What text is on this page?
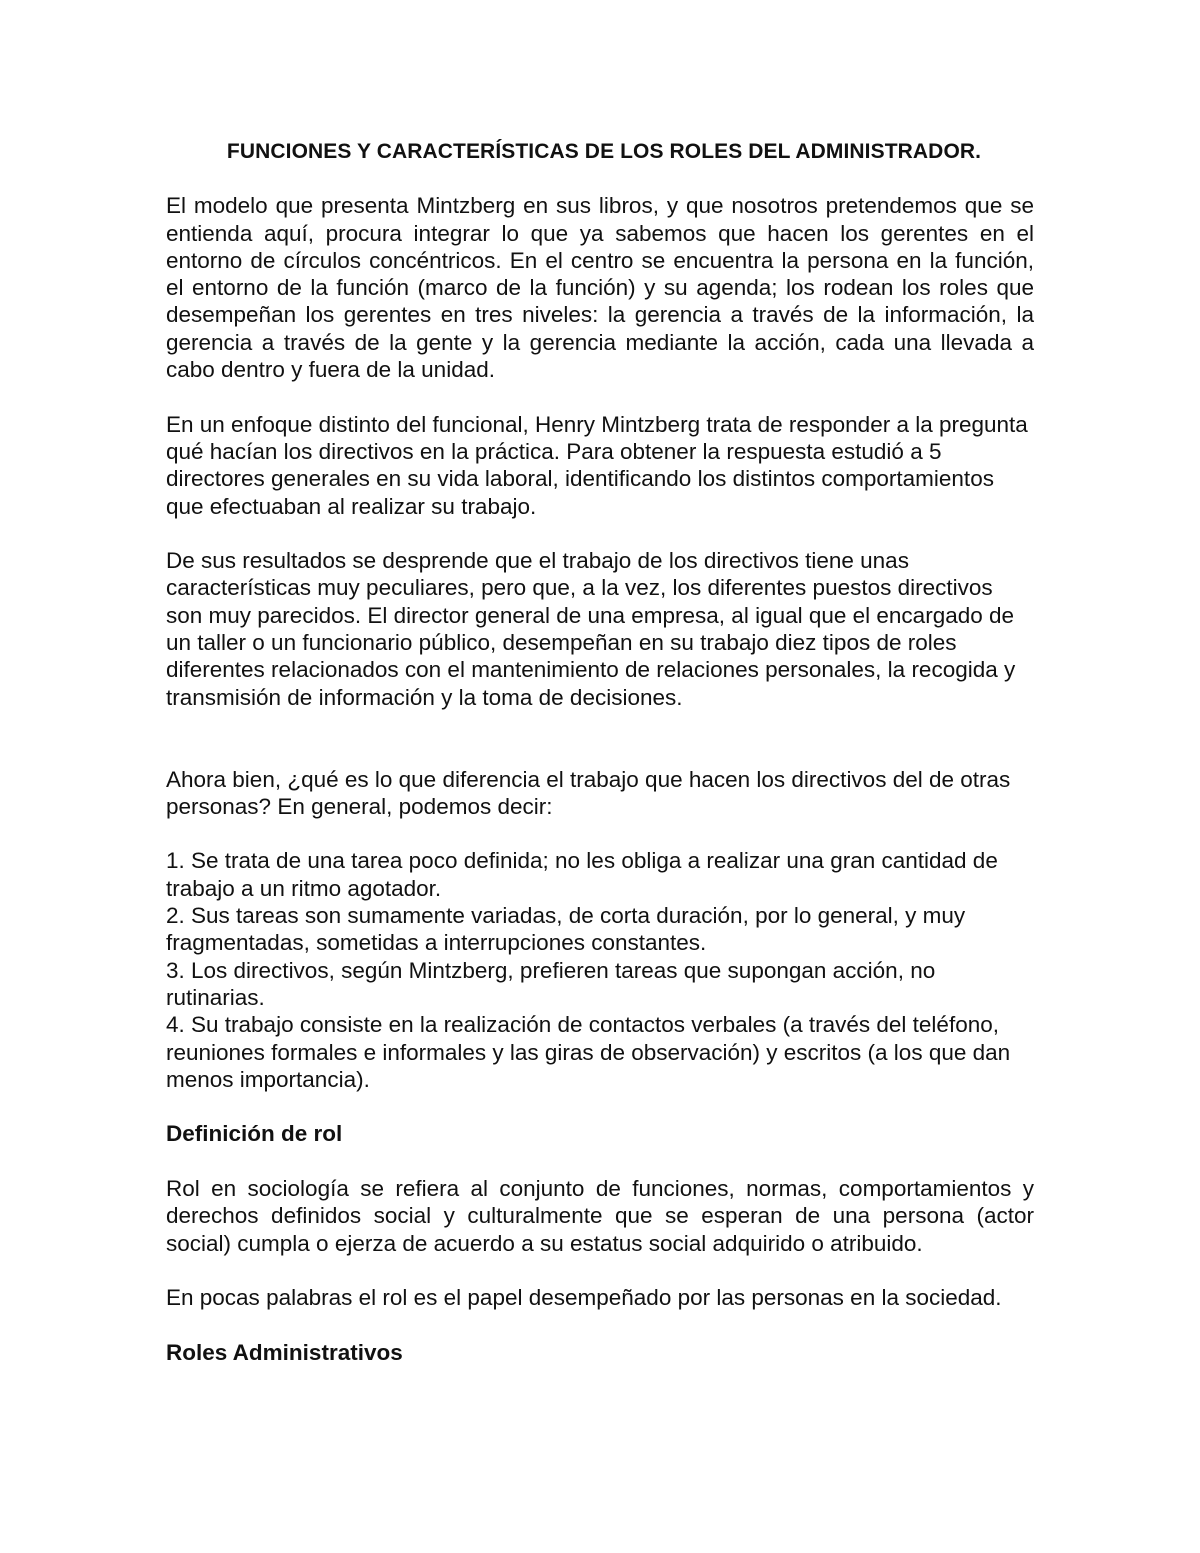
FUNCIONES Y CARACTERÍSTICAS DE LOS ROLES DEL ADMINISTRADOR.

El modelo que presenta Mintzberg en sus libros, y que nosotros pretendemos que se entienda aquí, procura integrar lo que ya sabemos que hacen los gerentes en el entorno de círculos concéntricos. En el centro se encuentra la persona en la función, el entorno de la función (marco de la función) y su agenda; los rodean los roles que desempeñan los gerentes en tres niveles: la gerencia a través de la información, la gerencia a través de la gente y la gerencia mediante la acción, cada una llevada a cabo dentro y fuera de la unidad.

En un enfoque distinto del funcional, Henry Mintzberg trata de responder a la pregunta qué hacían los directivos en la práctica. Para obtener la respuesta estudió a 5 directores generales en su vida laboral, identificando los distintos comportamientos que efectuaban al realizar su trabajo.

De sus resultados se desprende que el trabajo de los directivos tiene unas características muy peculiares, pero que, a la vez, los diferentes puestos directivos son muy parecidos. El director general de una empresa, al igual que el encargado de un taller o un funcionario público, desempeñan en su trabajo diez tipos de roles diferentes relacionados con el mantenimiento de relaciones personales, la recogida y transmisión de información y la toma de decisiones.

Ahora bien, ¿qué es lo que diferencia el trabajo que hacen los directivos del de otras personas? En general, podemos decir:

1. Se trata de una tarea poco definida; no les obliga a realizar una gran cantidad de trabajo a un ritmo agotador.

2. Sus tareas son sumamente variadas, de corta duración, por lo general, y muy fragmentadas, sometidas a interrupciones constantes.

3. Los directivos, según Mintzberg, prefieren tareas que supongan acción, no rutinarias.

4. Su trabajo consiste en la realización de contactos verbales (a través del teléfono, reuniones formales e informales y las giras de observación) y escritos (a los que dan menos importancia).

Definición de rol

Rol en sociología se refiera al conjunto de funciones, normas, comportamientos y derechos definidos social y culturalmente que se esperan de una persona (actor social) cumpla o ejerza de acuerdo a su estatus social adquirido o atribuido.

En pocas palabras el rol es el papel desempeñado por las personas en la sociedad.

Roles Administrativos
